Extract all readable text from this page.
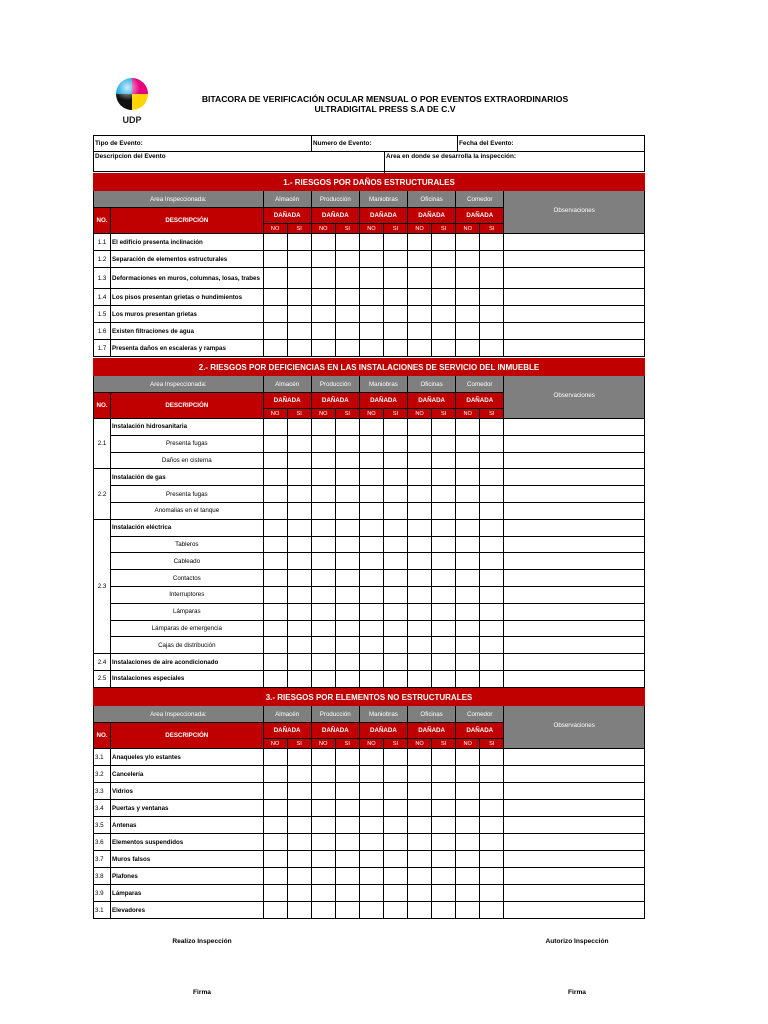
UDP
BITACORA DE VERIFICACIÓN OCULAR MENSUAL O POR EVENTOS EXTRAORDINARIOS
ULTRADIGITAL PRESS S.A DE C.V
Tipo de Evento:	Numero de Evento:	Fecha del Evento:
Descripcion del Evento	Area en donde se desarrolla la inspección:
1.- RIESGOS POR DAÑOS ESTRUCTURALES												
Area Inspeccionada:		Almacén		Producción		Maniobras		Oficinas		Comedor		Observaciones
NO.	DESCRIPCIÓN	DAÑADA		DAÑADA		DAÑADA		DAÑADA		DAÑADA		
		NO	SI	NO	SI	NO	SI	NO	SI	NO	SI	
1.1	El edificio presenta inclinación											
1.2	Separación de elementos estructurales											
1.3	Deformaciones en muros, columnas, losas, trabes											
1.4	Los pisos presentan grietas o hundimientos											
1.5	Los muros presentan grietas											
1.6	Existen filtraciones de agua											
1.7	Presenta daños en escaleras y rampas											
2.- RIESGOS POR DEFICIENCIAS EN LAS INSTALACIONES DE SERVICIO DEL INMUEBLE												
Area Inspeccionada:		Almacén		Producción		Maniobras		Oficinas		Comedor		Observaciones
NO.	DESCRIPCIÓN	DAÑADA		DAÑADA		DAÑADA		DAÑADA		DAÑADA		
		NO	SI	NO	SI	NO	SI	NO	SI	NO	SI	
2.1	Instalación hidrosanitaria											
	Presenta fugas											
	Daños en cisterna											
2.2	Instalación de gas											
	Presenta fugas											
	Anomalias en el tanque											
2.3	Instalación eléctrica											
	Tableros											
	Cableado											
	Contactos											
	Interruptores											
	Lámparas											
	Lámparas de emergencia											
	Cajas de distribución											
2.4	Instalaciones de aire acondicionado											
2.5	Instalaciones especiales											
3.- RIESGOS POR ELEMENTOS NO ESTRUCTURALES												
Area Inspeccionada:		Almacén		Producción		Maniobras		Oficinas		Comedor		Observaciones
NO.	DESCRIPCIÓN	DAÑADA		DAÑADA		DAÑADA		DAÑADA		DAÑADA		
		NO	SI	NO	SI	NO	SI	NO	SI	NO	SI	
3.1	Anaqueles y/o estantes											
3.2	Cancelería											
3.3	Vidrios											
3.4	Puertas y ventanas											
3.5	Antenas											
3.6	Elementos suspendidos											
3.7	Muros falsos											
3.8	Plafones											
3.9	Lámparas											
3.1	Elevadores											
Realizo Inspección	Autorizo Inspección
Firma	Firma
